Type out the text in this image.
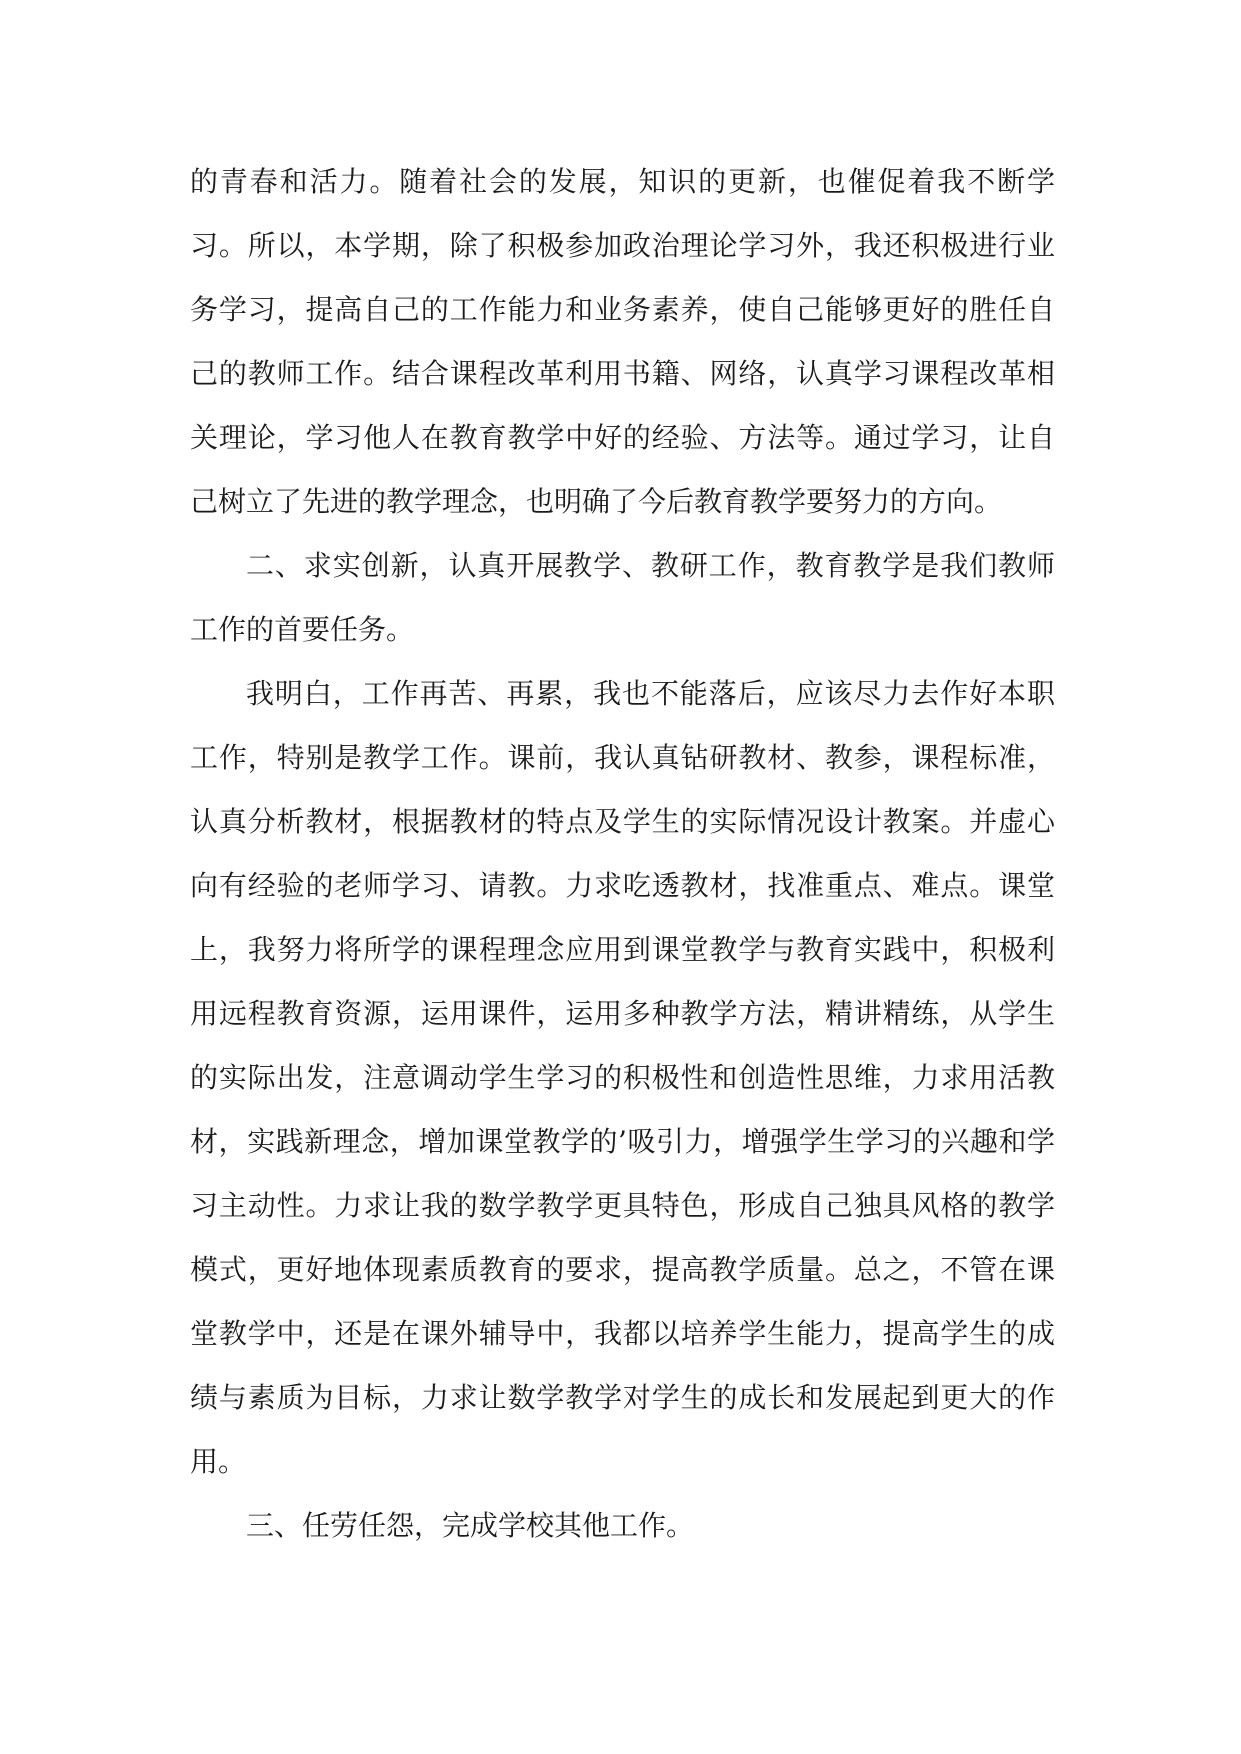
的青春和活力。随着社会的发展，知识的更新，也催促着我不断学习。所以，本学期，除了积极参加政治理论学习外，我还积极进行业务学习，提高自己的工作能力和业务素养，使自己能够更好的胜任自己的教师工作。结合课程改革利用书籍、网络，认真学习课程改革相关理论，学习他人在教育教学中好的经验、方法等。通过学习，让自己树立了先进的教学理念，也明确了今后教育教学要努力的方向。

二、求实创新，认真开展教学、教研工作，教育教学是我们教师工作的首要任务。

我明白，工作再苦、再累，我也不能落后，应该尽力去作好本职工作，特别是教学工作。课前，我认真钻研教材、教参，课程标准，认真分析教材，根据教材的特点及学生的实际情况设计教案。并虚心向有经验的老师学习、请教。力求吃透教材，找准重点、难点。课堂上，我努力将所学的课程理念应用到课堂教学与教育实践中，积极利用远程教育资源，运用课件，运用多种教学方法，精讲精练，从学生的实际出发，注意调动学生学习的积极性和创造性思维，力求用活教材，实践新理念，增加课堂教学的’吸引力，增强学生学习的兴趣和学习主动性。力求让我的数学教学更具特色，形成自己独具风格的教学模式，更好地体现素质教育的要求，提高教学质量。总之，不管在课堂教学中，还是在课外辅导中，我都以培养学生能力，提高学生的成绩与素质为目标，力求让数学教学对学生的成长和发展起到更大的作用。

三、任劳任怨，完成学校其他工作。
